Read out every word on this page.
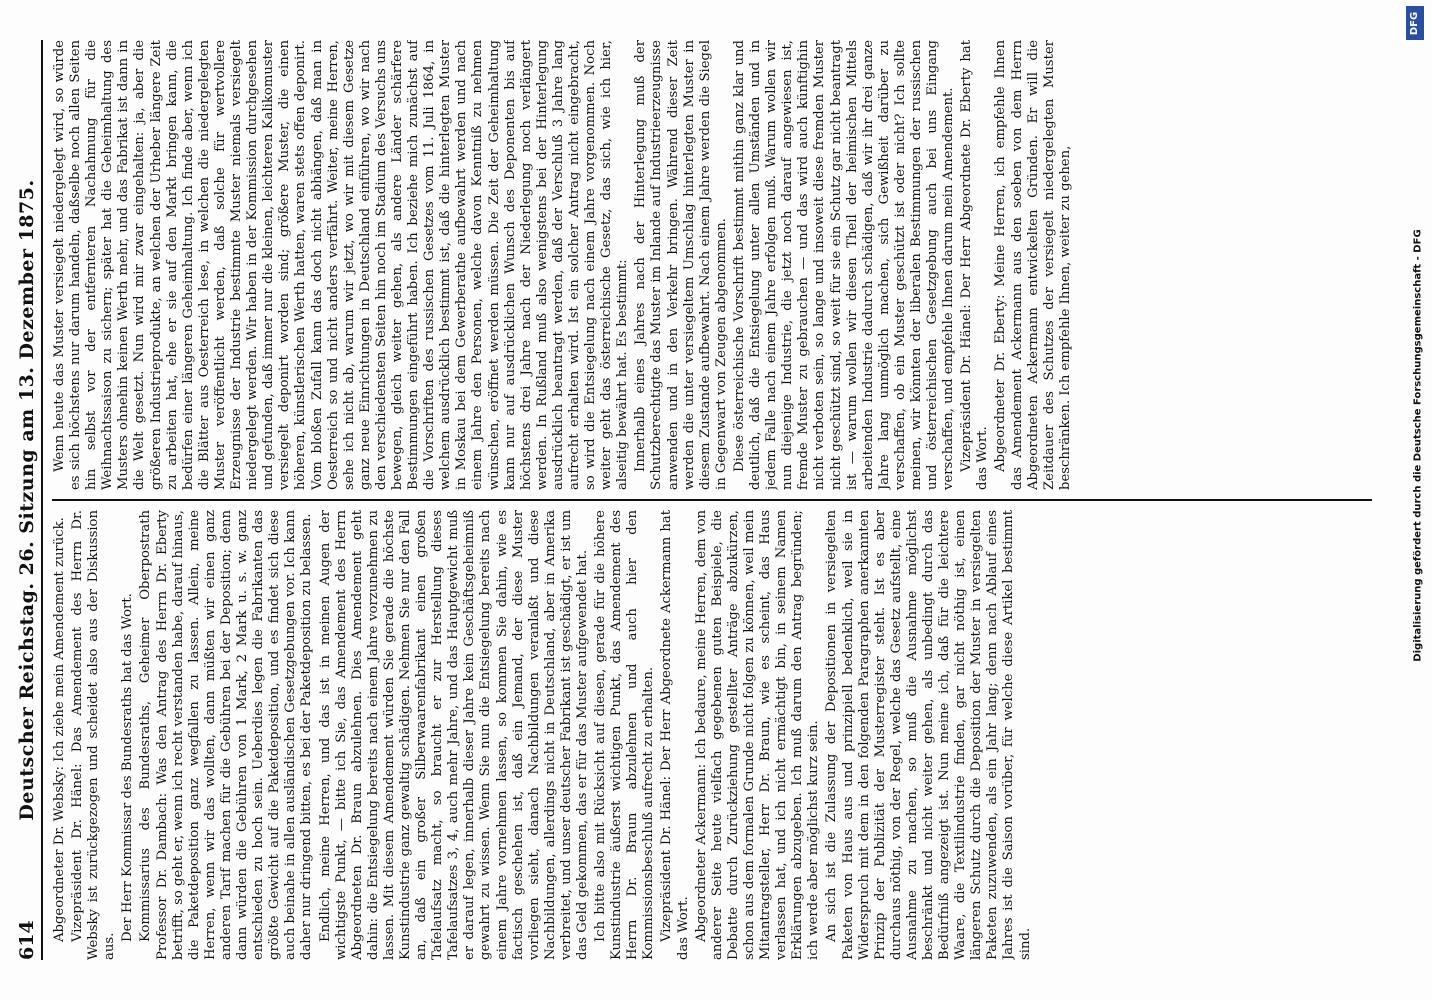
614
Deutscher Reichstag. 26. Sitzung am 13. Dezember 1875. Abgeordneter Dr. Websky: Ich ziehe mein Amendement zurück. Vizepräsident Dr. Hänel: Das Amendement des Herrn Dr. Websky ist zurückgezogen und scheidet also aus der Diskussion aus.

Der Herr Kommissar des Bundesraths hat das Wort. Kommissarius des Bundesraths, Geheimer Oberpostrath Professor Dr. Dambach: Was den Antrag des Herrn Dr. Eberty betrifft, so geht er, wenn ich recht verstanden habe, darauf hinaus, die Paketdeposition ganz wegfallen zu lassen. Allein, meine Herren, wenn wir das wollten, dann müßten wir einen ganz anderen Tarif machen für die Gebühren bei der Deposition; denn dann würden die Gebühren von 1 Mark, 2 Mark u. s. w. ganz entschieden zu hoch sein. Ueberdies legen die Fabrikanten das größte Gewicht auf die Paketdeposition, und es findet sich diese auch beinahe in allen ausländischen Gesetzgebungen vor. Ich kann daher nur dringend bitten, es bei der Paketdeposition zu belassen. Endlich, meine Herren, und das ist in meinen Augen der wichtigste Punkt, — bitte ich Sie, das Amendement des Herrn Abgeordneten Dr. Braun abzulehnen. Dies Amendement geht dahin: die Entsiegelung bereits nach einem Jahre vorzunehmen zu lassen. Mit diesem Amendement würden Sie gerade die höchste Kunstindustrie ganz gewaltig schädigen. Nehmen Sie nur den Fall an, daß ein großer Silberwaarenfabrikant einen großen Tafelaufsatz macht, so braucht er zur Herstellung dieses Tafelaufsatzes 3, 4, auch mehr Jahre, und das Hauptgewicht muß er darauf legen, innerhalb dieser Jahre kein Geschäftsgeheimniß gewahrt zu wissen. Wenn Sie nun die Entsiegelung bereits nach einem Jahre vornehmen lassen, so kommen Sie dahin, wie es factisch geschehen ist, daß ein Jemand, der diese Muster vorliegen sieht, danach Nachbildungen veranlaßt und diese Nachbildungen, allerdings nicht in Deutschland, aber in Amerika verbreitet, und unser deutscher Fabrikant ist geschädigt, er ist um das Geld gekommen, das er für das Muster aufgewendet hat. Ich bitte also mit Rücksicht auf diesen, gerade für die höhere Kunstindustrie äußerst wichtigen Punkt, das Amendement des Herrn Dr. Braun abzulehnen und auch hier den Kommissionsbeschluß aufrecht zu erhalten. Vizepräsident Dr. Hänel: Der Herr Abgeordnete Ackermann hat das Wort. Abgeordneter Ackermann: Ich bedaure, meine Herren, dem von anderer Seite heute vielfach gegebenen guten Beispiele, die Debatte durch Zurückziehung gestellter Anträge abzukürzen, schon aus dem formalen Grunde nicht folgen zu können, weil mein Mitantragsteller, Herr Dr. Braun, wie es scheint, das Haus verlassen hat, und ich nicht ermächtigt bin, in seinem Namen Erklärungen abzugeben. Ich muß darum den Antrag begründen; ich werde aber möglichst kurz sein. An sich ist die Zulassung der Depositionen in versiegelten Paketen von Haus aus und prinzipiell bedenklich, weil sie in Widerspruch mit dem in den folgenden Paragraphen anerkannten Prinzip der Publizität der Musterregister steht. Ist es aber durchaus nöthig, von der Regel, welche das Gesetz aufstellt, eine Ausnahme zu machen, so muß die Ausnahme möglichst beschränkt und nicht weiter gehen, als unbedingt durch das Bedürfniß angezeigt ist. Nun meine ich, daß für die leichtere Waare, die Textilindustrie finden, gar nicht nöthig ist, einen längeren Schutz durch die Deposition der Muster in versiegelten Paketen zuzuwenden, als ein Jahr lang; denn nach Ablauf eines Jahres ist die Saison vorüber, für welche diese Artikel bestimmt sind.

Wenn heute das Muster versiegelt niedergelegt wird, so würde es sich höchstens nur darum handeln, daßselbe noch allen Seiten hin selbst vor der entfernteren Nachahmung für die Weihnachtssaison zu sichern; später hat die Geheimhaltung des Musters ohnehin keinen Werth mehr, und das Fabrikat ist dann in die Welt gesetzt. Nun wird mir zwar eingehalten: ja, aber die größeren Industrieprodukte, an welchen der Urheber längere Zeit zu arbeiten hat, ehe er sie auf den Markt bringen kann, die bedürfen einer längeren Geheimhaltung. Ich finde aber, wenn ich die Blätter aus Oesterreich lese, in welchen die niedergelegten Muster veröffentlicht werden, daß solche für wertvollere Erzeugnisse der Industrie bestimmte Muster niemals versiegelt niedergelegt werden. Wir haben in der Kommission durchgesehen und gefunden, daß immer nur die kleinen, leichteren Kalikomuster versiegelt deponirt worden sind; größere Muster, die einen höheren, künstlerischen Werth hatten, waren stets offen deponirt. Vom bloßen Zufall kann das doch nicht abhängen, daß man in Oesterreich so und nicht anders verfährt. Weiter, meine Herren, sehe ich nicht ab, warum wir jetzt, wo wir mit diesem Gesetze ganz neue Einrichtungen in Deutschland einführen, wo wir nach den verschiedensten Seiten hin noch im Stadium des Versuchs uns bewegen, gleich weiter gehen, als andere Länder schärfere Bestimmungen eingeführt haben. Ich beziehe mich zunächst auf die Vorschriften des russischen Gesetzes vom 11. Juli 1864, in welchem ausdrücklich bestimmt ist, daß die hinterlegten Muster in Moskau bei dem Gewerberathe aufbewahrt werden und nach einem Jahre den Personen, welche davon Kenntniß zu nehmen wünschen, eröffnet werden müssen. Die Zeit der Geheimhaltung kann nur auf ausdrücklichen Wunsch des Deponenten bis auf höchstens drei Jahre nach der Niederlegung noch verlängert werden. In Rußland muß also wenigstens bei der Hinterlegung ausdrücklich beantragt werden, daß der Verschluß 3 Jahre lang aufrecht erhalten wird. Ist ein solcher Antrag nicht eingebracht, so wird die Entsiegelung nach einem Jahre vorgenommen. Noch weiter geht das österreichische Gesetz, das sich, wie ich hier, alseitig bewährt hat. Es bestimmt: Innerhalb eines Jahres nach der Hinterlegung muß der Schutzberechtigte das Muster im Inlande auf Industrieerzeugnisse anwenden und in den Verkehr bringen. Während dieser Zeit werden die unter versiegeltem Umschlag hinterlegten Muster in diesem Zustande aufbewahrt. Nach einem Jahre werden die Siegel in Gegenwart von Zeugen abgenommen. Diese österreichische Vorschrift bestimmt mithin ganz klar und deutlich, daß die Entsiegelung unter allen Umständen und in jedem Falle nach einem Jahre erfolgen muß. Warum wollen wir nun diejenige Industrie, die jetzt noch darauf angewiesen ist, fremde Muster zu gebrauchen — und das wird auch künftighin nicht verboten sein, so lange und insoweit diese fremden Muster nicht geschützt sind, so weit für sie ein Schutz gar nicht beantragt ist — warum wollen wir diesen Theil der heimischen Mittels arbeitenden Industrie dadurch schädigen, daß wir ihr drei ganze Jahre lang unmöglich machen, sich Gewißheit darüber zu verschaffen, ob ein Muster geschützt ist oder nicht? Ich sollte meinen, wir könnten der liberalen Bestimmungen der russischen und österreichischen Gesetzgebung auch bei uns Eingang verschaffen, und empfehle Ihnen darum mein Amendement. Vizepräsident Dr. Hänel: Der Herr Abgeordnete Dr. Eberty hat das Wort. Abgeordneter Dr. Eberty: Meine Herren, ich empfehle Ihnen das Amendement Ackermann aus den soeben von dem Herrn Abgeordneten Ackermann entwickelten Gründen. Er will die Zeitdauer des Schutzes der versiegelt niedergelegten Muster beschränken. Ich empfehle Ihnen, weiter zu gehen,

DFG
Digitalisierung gefördert durch die Deutsche Forschungsgemeinschaft - DFG
